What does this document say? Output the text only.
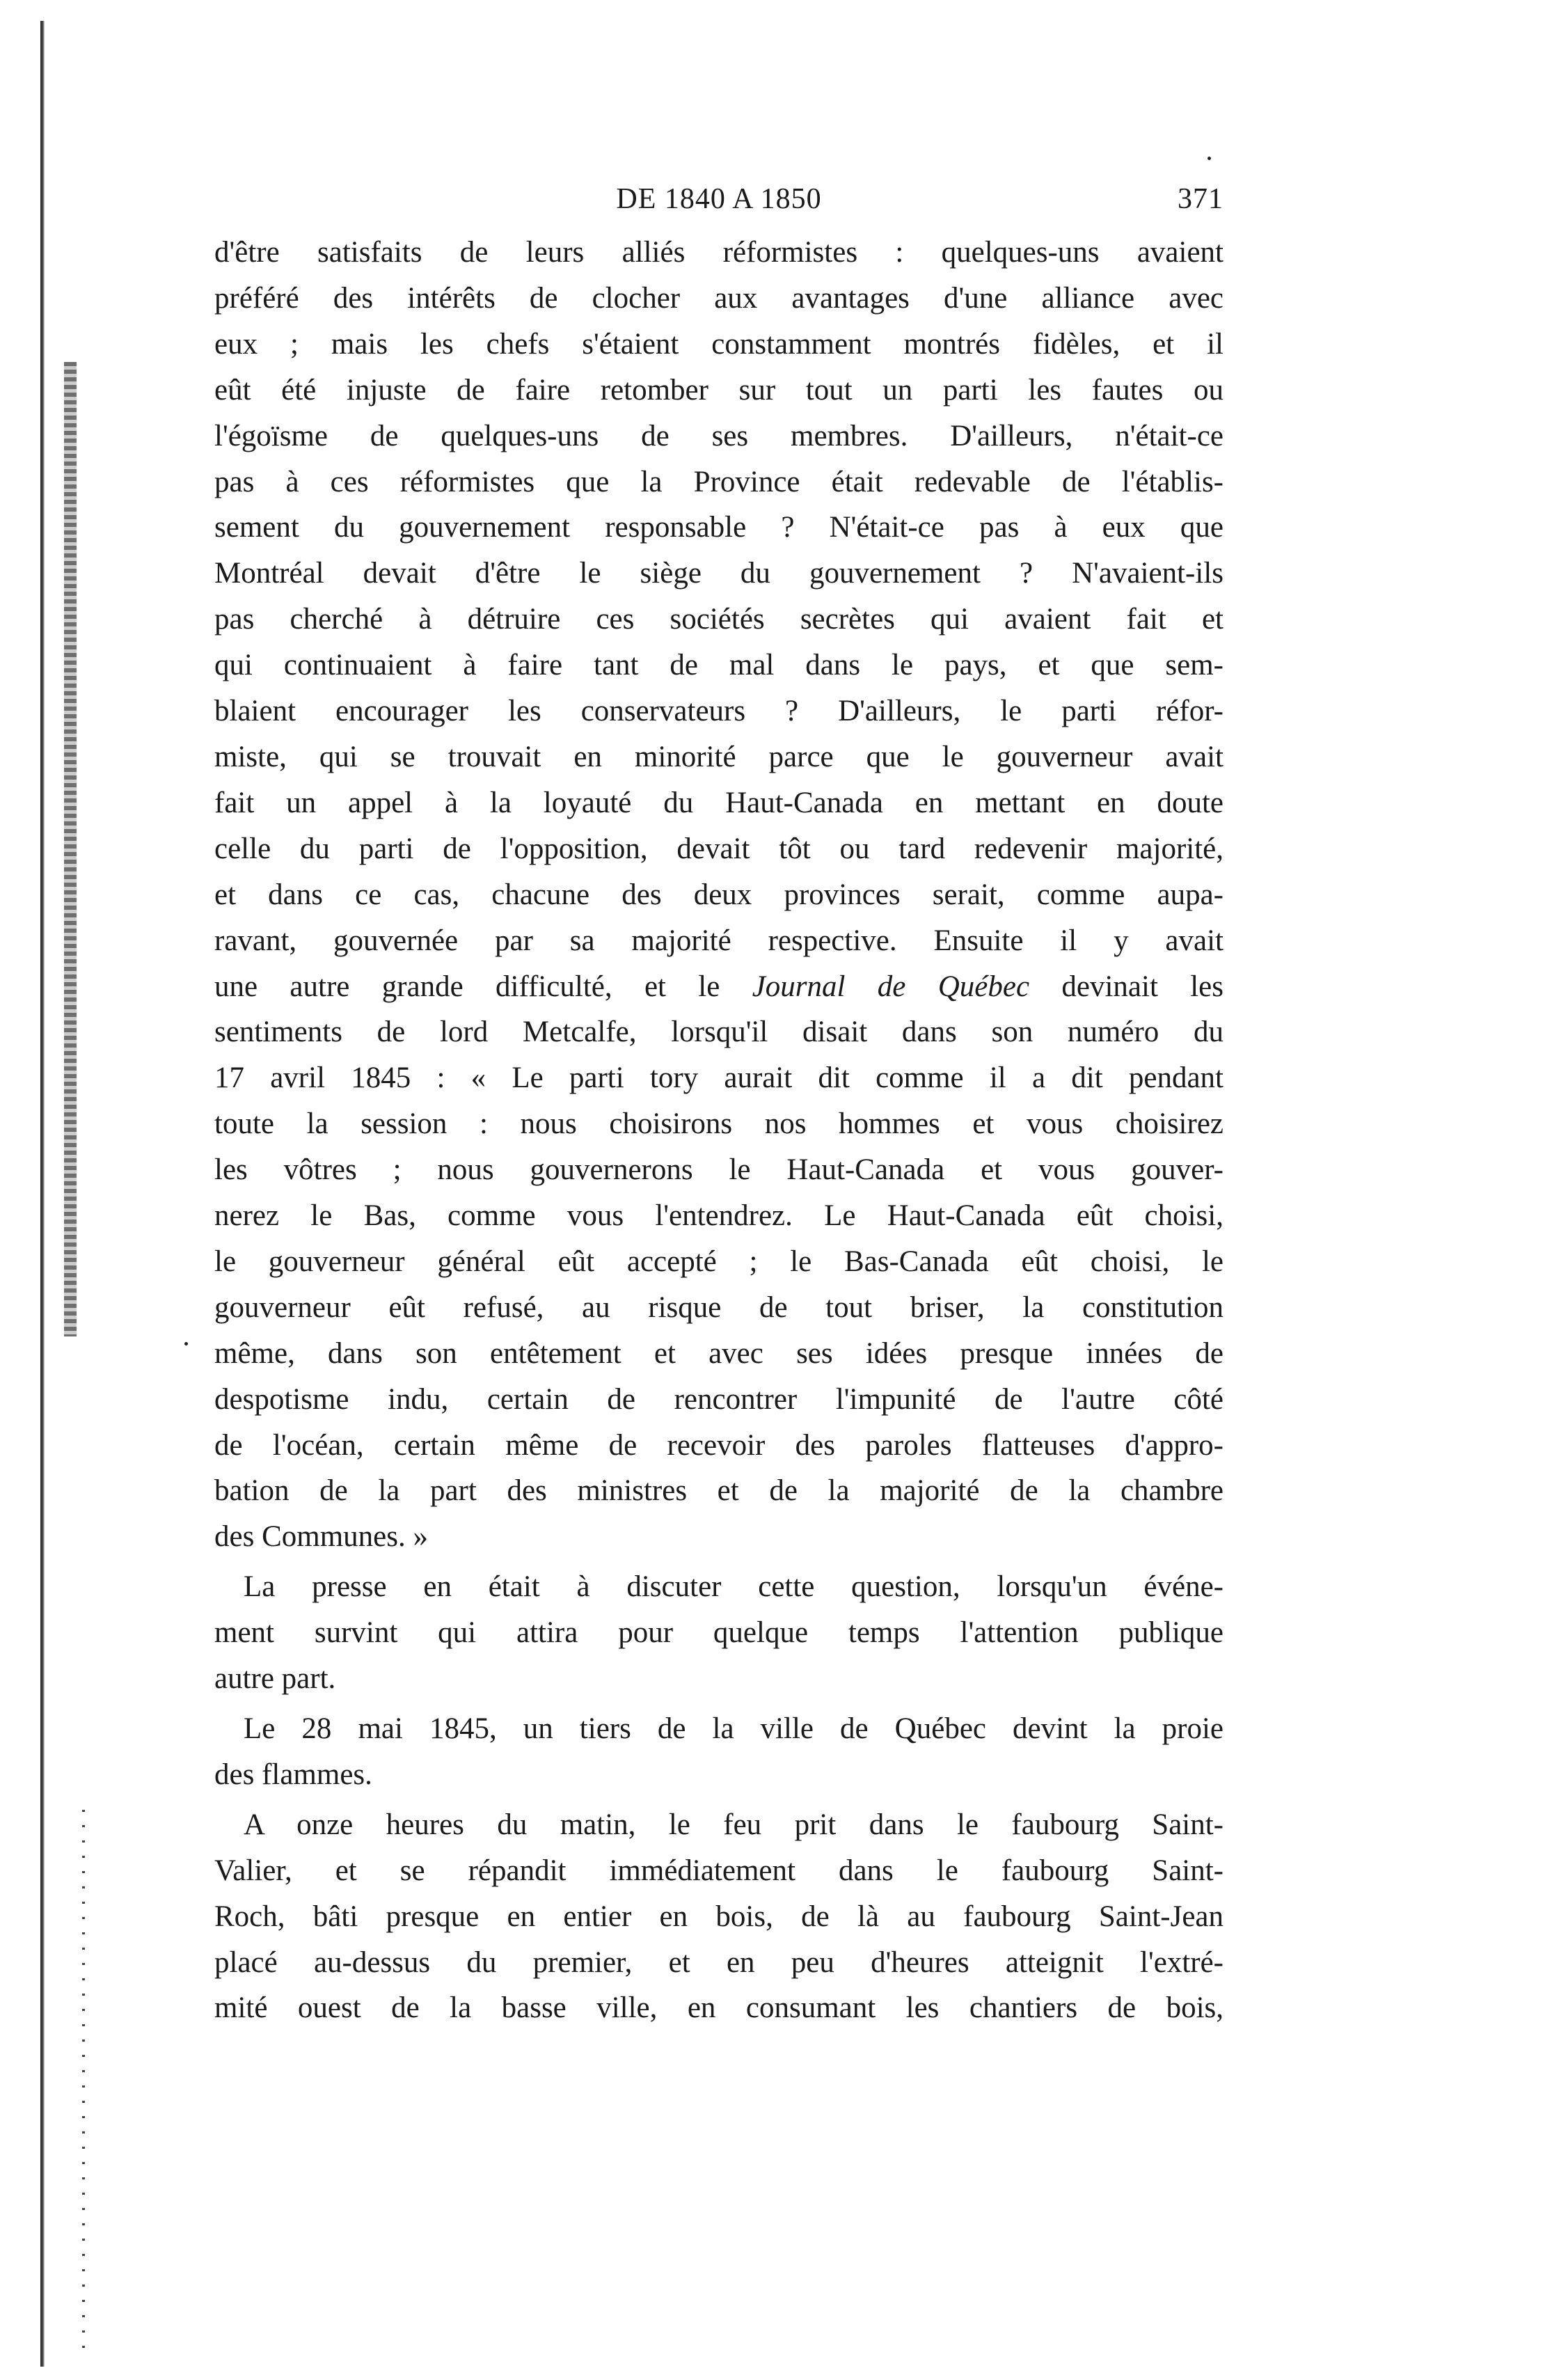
DE 1840 A 1850	371

d'être satisfaits de leurs alliés réformistes : quelques-uns avaient

préféré des intérêts de clocher aux avantages d'une alliance avec

eux ; mais les chefs s'étaient constamment montrés fidèles, et il

eût été injuste de faire retomber sur tout un parti les fautes ou

l'égoïsme de quelques-uns de ses membres. D'ailleurs, n'était-ce

pas à ces réformistes que la Province était redevable de l'établis-

sement du gouvernement responsable ? N'était-ce pas à eux que

Montréal devait d'être le siège du gouvernement ? N'avaient-ils

pas cherché à détruire ces sociétés secrètes qui avaient fait et

qui continuaient à faire tant de mal dans le pays, et que sem-

blaient encourager les conservateurs ? D'ailleurs, le parti réfor-

miste, qui se trouvait en minorité parce que le gouverneur avait

fait un appel à la loyauté du Haut-Canada en mettant en doute

celle du parti de l'opposition, devait tôt ou tard redevenir majorité,

et dans ce cas, chacune des deux provinces serait, comme aupa-

ravant, gouvernée par sa majorité respective. Ensuite il y avait

une autre grande difficulté, et le Journal de Québec devinait les

sentiments de lord Metcalfe, lorsqu'il disait dans son numéro du

17 avril 1845 : « Le parti tory aurait dit comme il a dit pendant

toute la session : nous choisirons nos hommes et vous choisirez

les vôtres ; nous gouvernerons le Haut-Canada et vous gouver-

nerez le Bas, comme vous l'entendrez. Le Haut-Canada eût choisi,

le gouverneur général eût accepté ; le Bas-Canada eût choisi, le

gouverneur eût refusé, au risque de tout briser, la constitution

même, dans son entêtement et avec ses idées presque innées de

despotisme indu, certain de rencontrer l'impunité de l'autre côté

de l'océan, certain même de recevoir des paroles flatteuses d'appro-

bation de la part des ministres et de la majorité de la chambre

des Communes. »

La presse en était à discuter cette question, lorsqu'un événe-

ment survint qui attira pour quelque temps l'attention publique

autre part.

Le 28 mai 1845, un tiers de la ville de Québec devint la proie

des flammes.

A onze heures du matin, le feu prit dans le faubourg Saint-

Valier, et se répandit immédiatement dans le faubourg Saint-

Roch, bâti presque en entier en bois, de là au faubourg Saint-Jean

placé au-dessus du premier, et en peu d'heures atteignit l'extré-

mité ouest de la basse ville, en consumant les chantiers de bois,
